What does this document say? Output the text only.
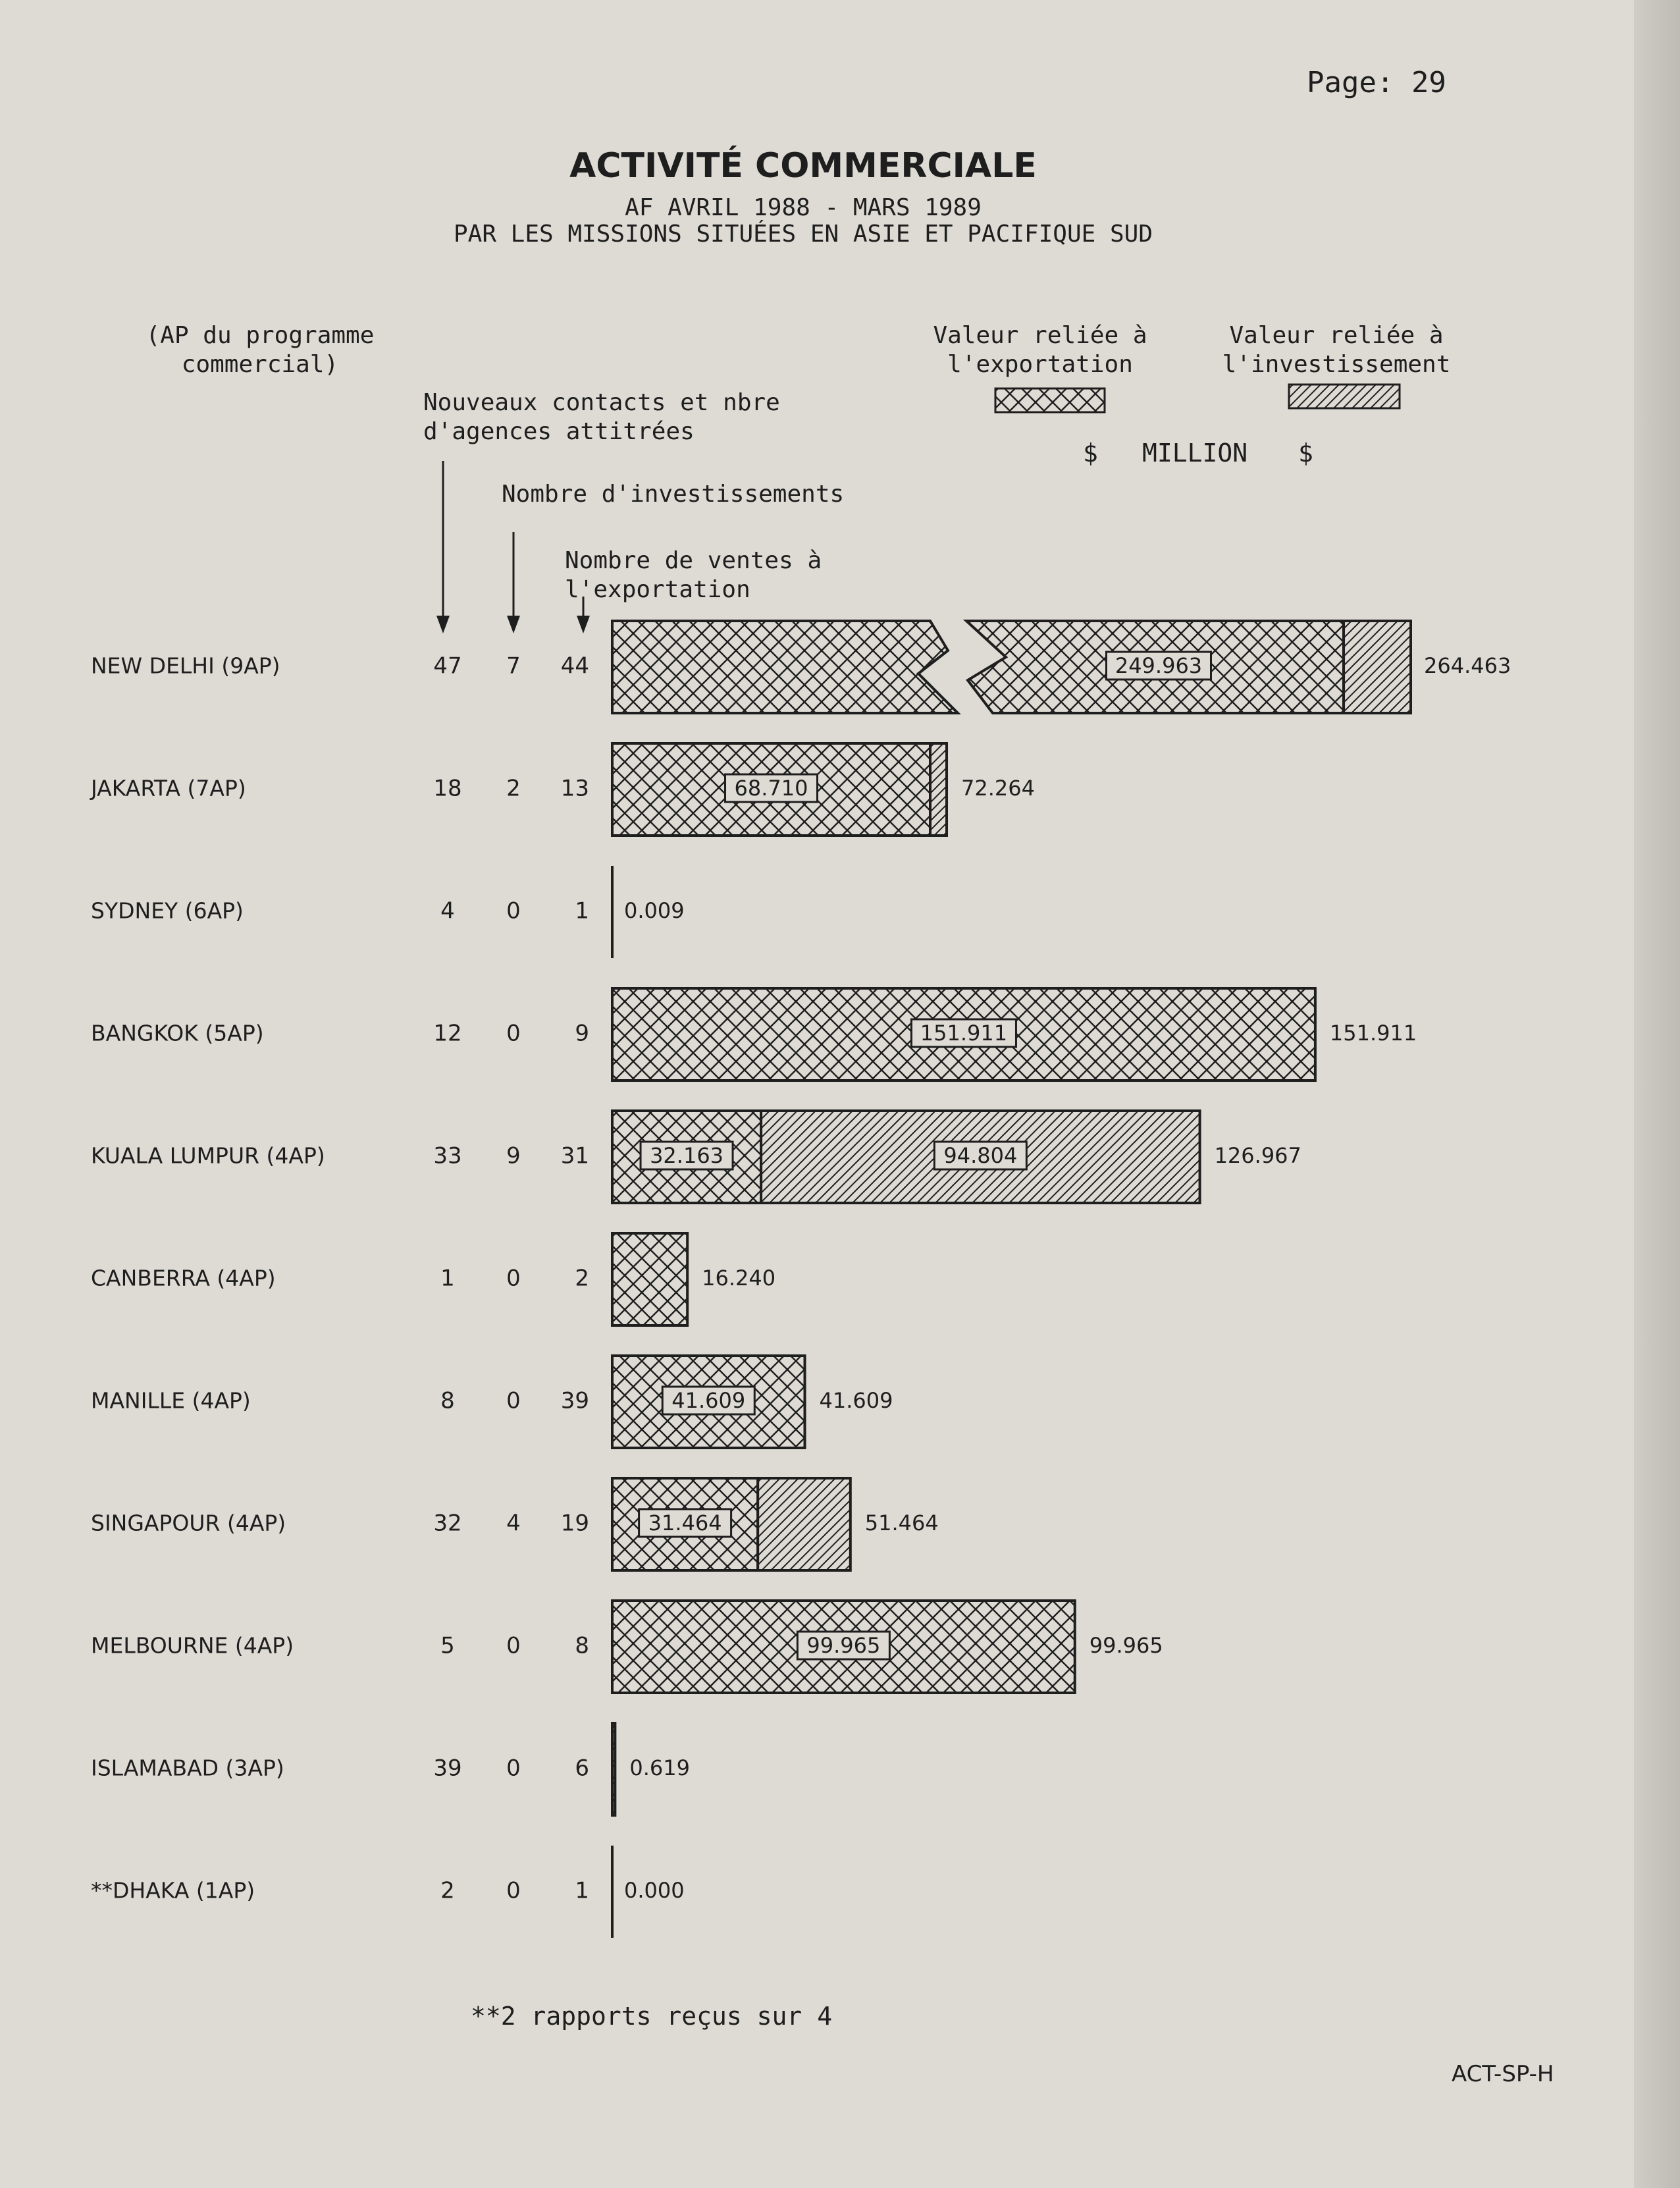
Page: 29
ACTIVITÉ COMMERCIALE
AF AVRIL 1988 - MARS 1989
PAR LES MISSIONS SITUÉES EN ASIE ET PACIFIQUE SUD
(AP du programme
commercial)
Nouveaux contacts et nbre
d'agences attitrées
Nombre d'investissements
Nombre de ventes à
l'exportation
Valeur reliée à
l'exportation
Valeur reliée à
l'investissement
$ MILLION $
NEW DELHI (9AP)	47 7 44	249.963	264.463
JAKARTA (7AP)	18 2 13	68.710	72.264
SYDNEY (6AP)	4 0 1 0.009
BANGKOK (5AP)	12 0 9	151.911	151.911
KUALA LUMPUR (4AP)	33 9 31	32.163	94.804	126.967
CANBERRA (4AP)	1 0 2	16.240
MANILLE (4AP)	8 0 39	41.609	41.609
SINGAPOUR (4AP)	32 4 19	31.464	51.464
MELBOURNE (4AP)	5 0 8	99.965	99.965
ISLAMABAD (3AP)	39 0 6 0.619
**DHAKA (1AP)	2 0 1 0.000
**2 rapports reçus sur 4
ACT-SP-H
